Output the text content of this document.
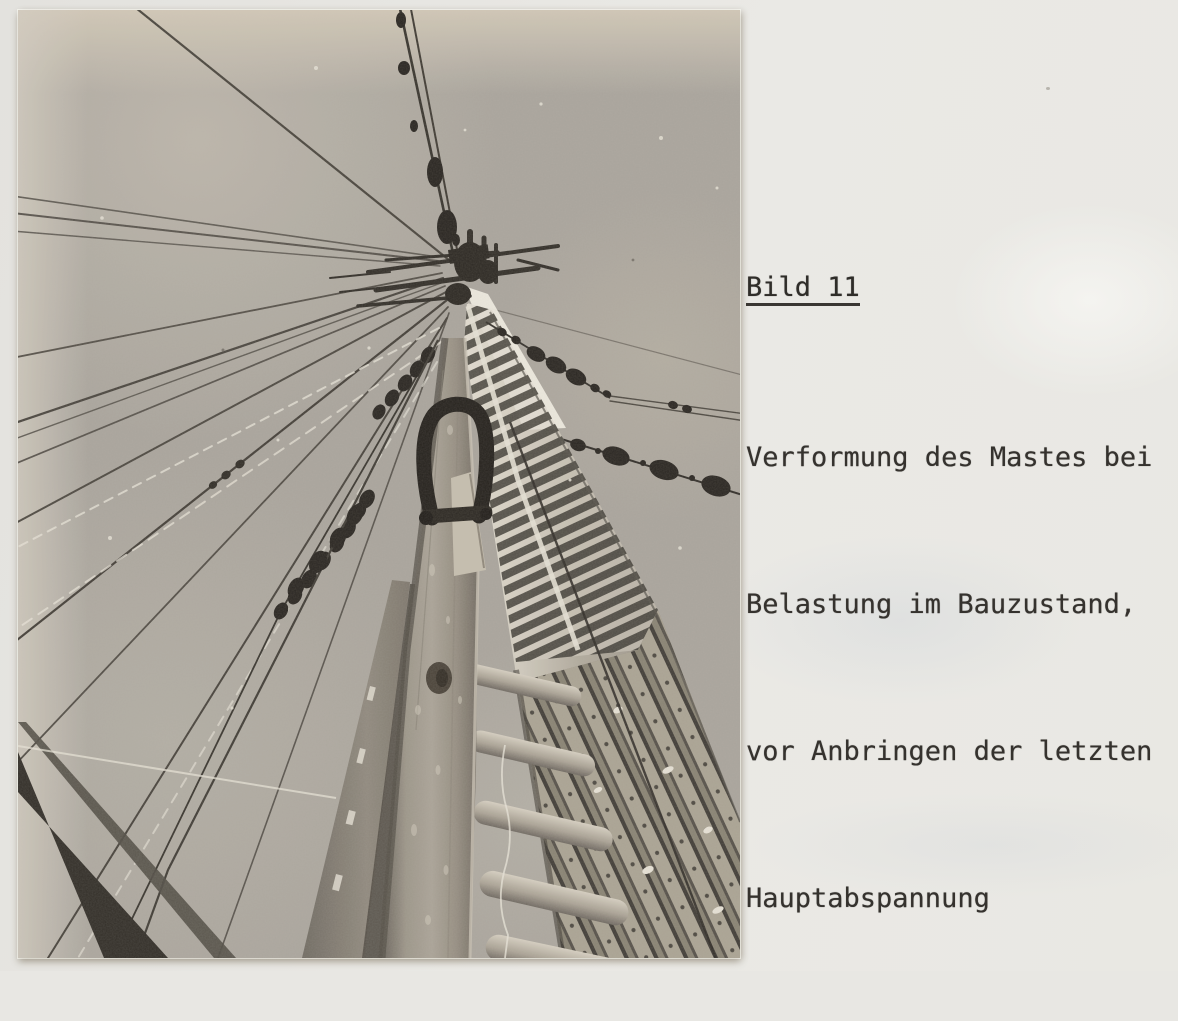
Bild 11

Verformung des Mastes bei

Belastung im Bauzustand,

vor Anbringen der letzten

Hauptabspannung
